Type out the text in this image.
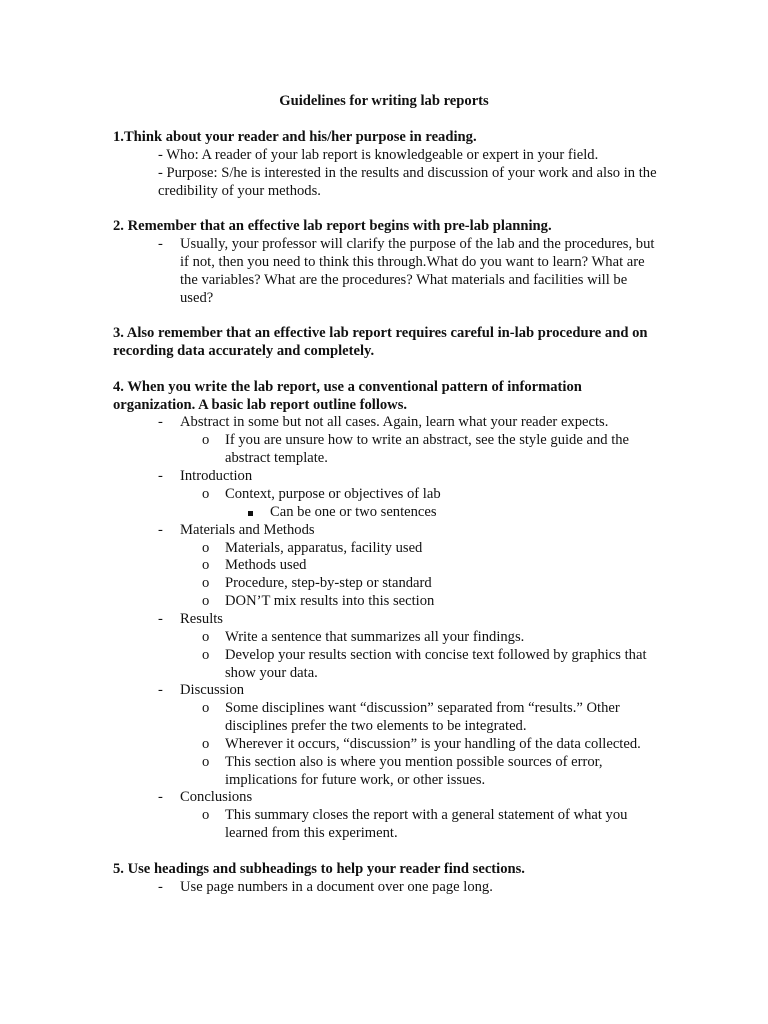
Guidelines for writing lab reports
1.Think about your reader and his/her purpose in reading.
- Who: A reader of your lab report is knowledgeable or expert in your field.
- Purpose: S/he is interested in the results and discussion of your work and also in the credibility of your methods.
2. Remember that an effective lab report begins with pre-lab planning.
- Usually, your professor will clarify the purpose of the lab and the procedures, but if not, then you need to think this through.What do you want to learn? What are the variables? What are the procedures? What materials and facilities will be used?
3. Also remember that an effective lab report requires careful in-lab procedure and on recording data accurately and completely.
4. When you write the lab report, use a conventional pattern of information organization. A basic lab report outline follows.
- Abstract in some but not all cases. Again, learn what your reader expects.
o If you are unsure how to write an abstract, see the style guide and the abstract template.
- Introduction
o Context, purpose or objectives of lab
Can be one or two sentences
- Materials and Methods
o Materials, apparatus, facility used
o Methods used
o Procedure, step-by-step or standard
o DON’T mix results into this section
- Results
o Write a sentence that summarizes all your findings.
o Develop your results section with concise text followed by graphics that show your data.
- Discussion
o Some disciplines want “discussion” separated from “results.” Other disciplines prefer the two elements to be integrated.
o Wherever it occurs, “discussion” is your handling of the data collected.
o This section also is where you mention possible sources of error, implications for future work, or other issues.
- Conclusions
o This summary closes the report with a general statement of what you learned from this experiment.
5. Use headings and subheadings to help your reader find sections.
- Use page numbers in a document over one page long.
